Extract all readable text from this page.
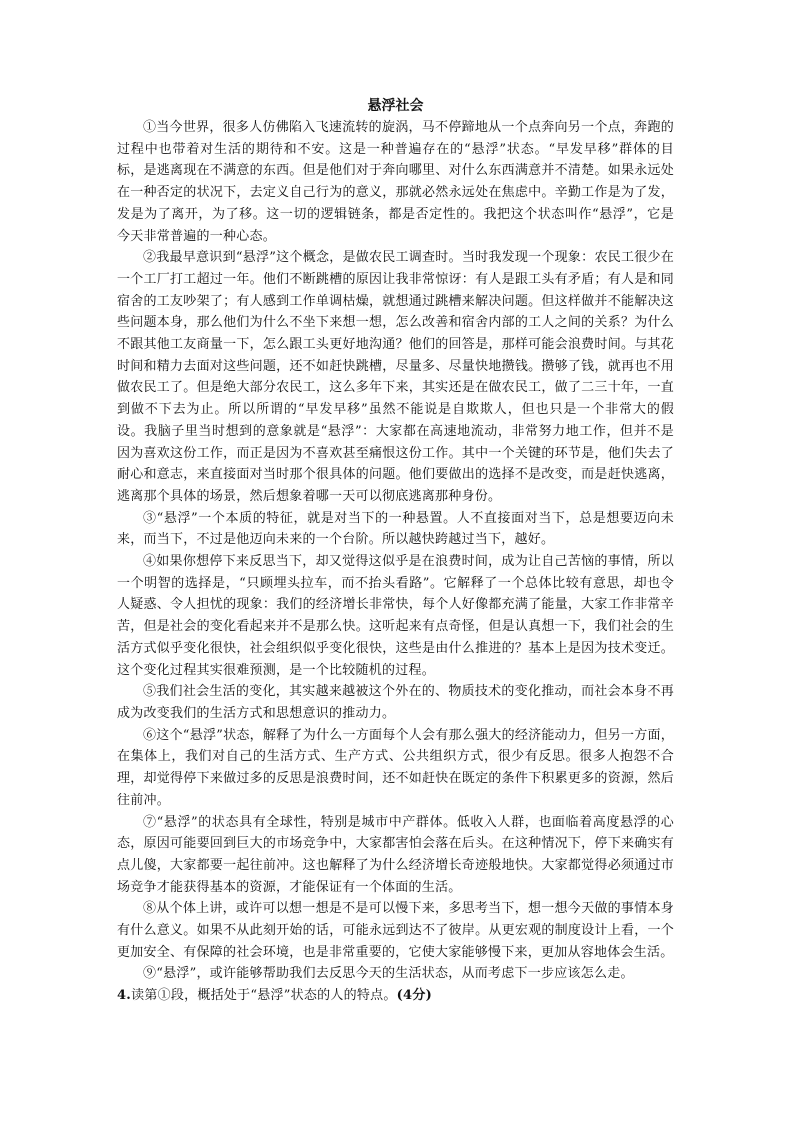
悬浮社会

①当今世界，很多人仿佛陷入飞速流转的旋涡，马不停蹄地从一个点奔向另一个点，奔跑的过程中也带着对生活的期待和不安。这是一种普遍存在的“悬浮”状态。“早发早移”群体的目标，是逃离现在不满意的东西。但是他们对于奔向哪里、对什么东西满意并不清楚。如果永远处在一种否定的状况下，去定义自己行为的意义，那就必然永远处在焦虑中。辛勤工作是为了发，发是为了离开，为了移。这一切的逻辑链条，都是否定性的。我把这个状态叫作“悬浮”，它是今天非常普遍的一种心态。

②我最早意识到“悬浮”这个概念，是做农民工调查时。当时我发现一个现象：农民工很少在一个工厂打工超过一年。他们不断跳槽的原因让我非常惊讶：有人是跟工头有矛盾；有人是和同宿舍的工友吵架了；有人感到工作单调枯燥，就想通过跳槽来解决问题。但这样做并不能解决这些问题本身，那么他们为什么不坐下来想一想，怎么改善和宿舍内部的工人之间的关系？为什么不跟其他工友商量一下，怎么跟工头更好地沟通？他们的回答是，那样可能会浪费时间。与其花时间和精力去面对这些问题，还不如赶快跳槽，尽量多、尽量快地攒钱。攒够了钱，就再也不用做农民工了。但是绝大部分农民工，这么多年下来，其实还是在做农民工，做了二三十年，一直到做不下去为止。所以所谓的“早发早移”虽然不能说是自欺欺人，但也只是一个非常大的假设。我脑子里当时想到的意象就是“悬浮”：大家都在高速地流动，非常努力地工作，但并不是因为喜欢这份工作，而正是因为不喜欢甚至痛恨这份工作。其中一个关键的环节是，他们失去了耐心和意志，来直接面对当时那个很具体的问题。他们要做出的选择不是改变，而是赶快逃离，逃离那个具体的场景，然后想象着哪一天可以彻底逃离那种身份。

③“悬浮”一个本质的特征，就是对当下的一种悬置。人不直接面对当下，总是想要迈向未来，而当下，不过是他迈向未来的一个台阶。所以越快跨越过当下，越好。

④如果你想停下来反思当下，却又觉得这似乎是在浪费时间，成为让自己苦恼的事情，所以一个明智的选择是，“只顾埋头拉车，而不抬头看路”。它解释了一个总体比较有意思，却也令人疑惑、令人担忧的现象：我们的经济增长非常快，每个人好像都充满了能量，大家工作非常辛苦，但是社会的变化看起来并不是那么快。这听起来有点奇怪，但是认真想一下，我们社会的生活方式似乎变化很快，社会组织似乎变化很快，这些是由什么推进的？基本上是因为技术变迁。这个变化过程其实很难预测，是一个比较随机的过程。

⑤我们社会生活的变化，其实越来越被这个外在的、物质技术的变化推动，而社会本身不再成为改变我们的生活方式和思想意识的推动力。

⑥这个“悬浮”状态，解释了为什么一方面每个人会有那么强大的经济能动力，但另一方面，在集体上，我们对自己的生活方式、生产方式、公共组织方式，很少有反思。很多人抱怨不合理，却觉得停下来做过多的反思是浪费时间，还不如赶快在既定的条件下积累更多的资源，然后往前冲。

⑦“悬浮”的状态具有全球性，特别是城市中产群体。低收入人群，也面临着高度悬浮的心态，原因可能要回到巨大的市场竞争中，大家都害怕会落在后头。在这种情况下，停下来确实有点儿傻，大家都要一起往前冲。这也解释了为什么经济增长奇迹般地快。大家都觉得必须通过市场竞争才能获得基本的资源，才能保证有一个体面的生活。

⑧从个体上讲，或许可以想一想是不是可以慢下来，多思考当下，想一想今天做的事情本身有什么意义。如果不从此刻开始的话，可能永远到达不了彼岸。从更宏观的制度设计上看，一个更加安全、有保障的社会环境，也是非常重要的，它使大家能够慢下来，更加从容地体会生活。

⑨“悬浮”，或许能够帮助我们去反思今天的生活状态，从而考虑下一步应该怎么走。

4.读第①段，概括处于“悬浮”状态的人的特点。(4分)
